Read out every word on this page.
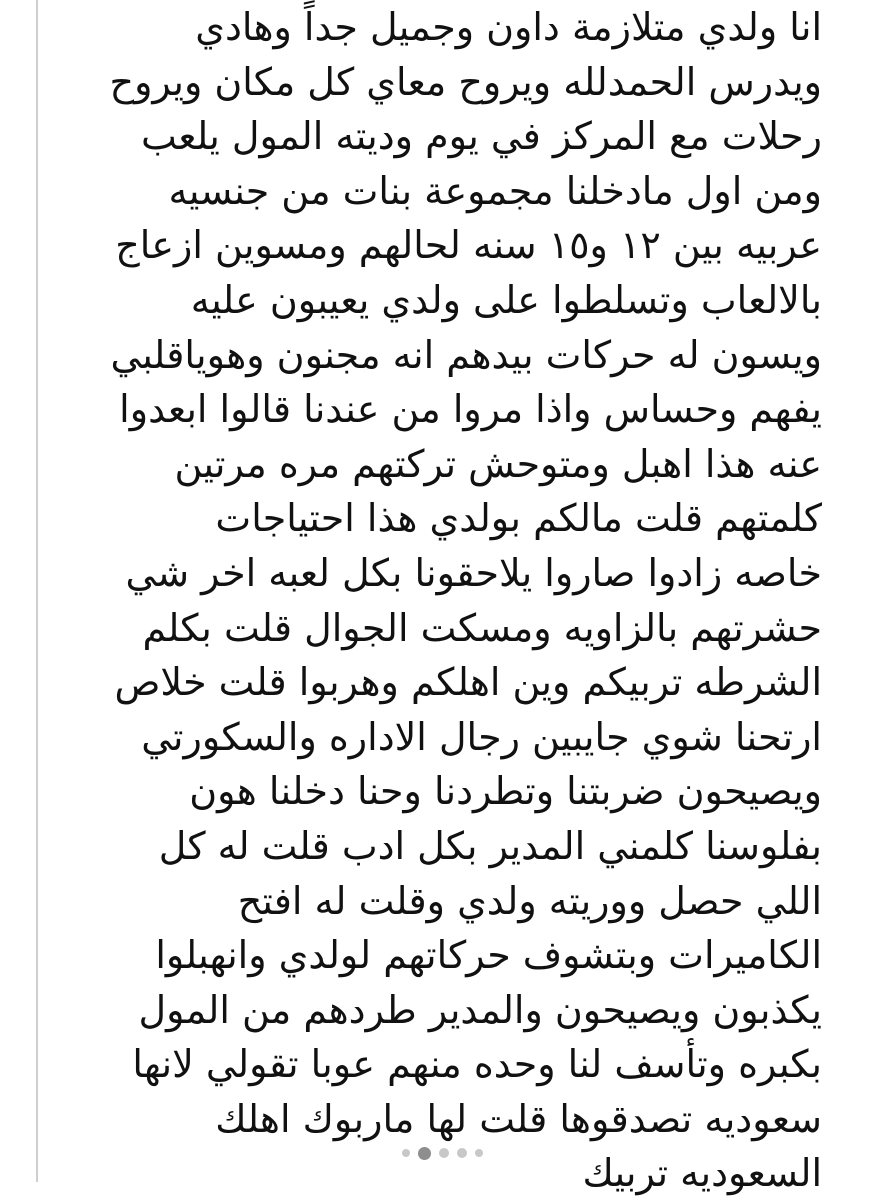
انا ولدي متلازمة داون وجميل جداً وهادي
ويدرس الحمدلله ويروح معاي كل مكان ويروح
رحلات مع المركز في يوم وديته المول يلعب
ومن اول مادخلنا مجموعة بنات من جنسيه
عربيه بين ١٢ و١٥ سنه لحالهم ومسوين ازعاج
بالالعاب وتسلطوا على ولدي يعيبون عليه
ويسون له حركات بيدهم انه مجنون وهوياقلبي
يفهم وحساس واذا مروا من عندنا قالوا ابعدوا
عنه هذا اهبل ومتوحش تركتهم مره مرتين
كلمتهم قلت مالكم بولدي هذا احتياجات
خاصه زادوا صاروا يلاحقونا بكل لعبه اخر شي
حشرتهم بالزاويه ومسكت الجوال قلت بكلم
الشرطه تربيكم وين اهلكم وهربوا قلت خلاص
ارتحنا شوي جايبين رجال الاداره والسكورتي
ويصيحون ضربتنا وتطردنا وحنا دخلنا هون
بفلوسنا كلمني المدير بكل ادب قلت له كل
اللي حصل ووريته ولدي وقلت له افتح
الكاميرات وبتشوف حركاتهم لولدي وانهبلوا
يكذبون ويصيحون والمدير طردهم من المول
بكبره وتأسف لنا وحده منهم عوبا تقولي لانها
سعوديه تصدقوها قلت لها ماربوك اهلك
السعوديه تربيك
